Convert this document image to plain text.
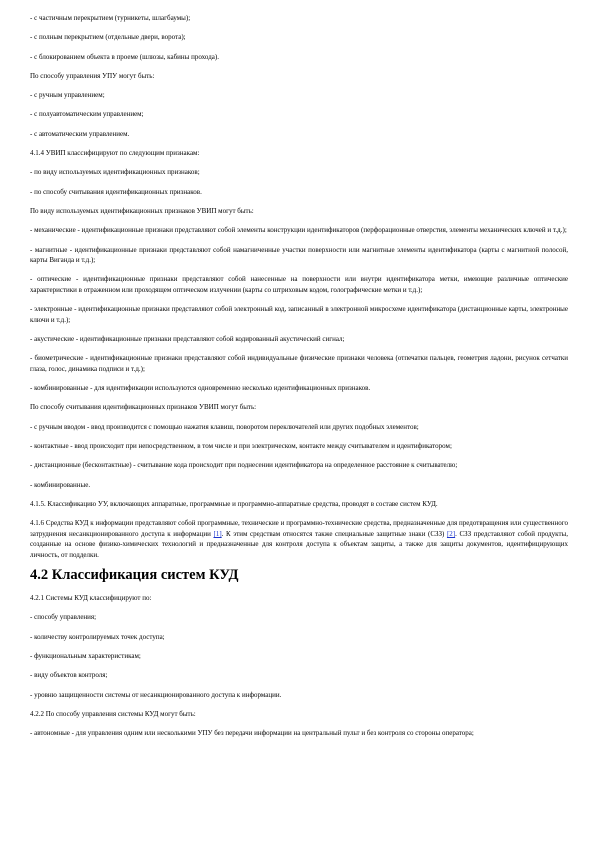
- с частичным перекрытием (турникеты, шлагбаумы);

- с полным перекрытием (отдельные двери, ворота);

- с блокированием объекта в проеме (шлюзы, кабины прохода).

По способу управления УПУ могут быть:

- с ручным управлением;

- с полуавтоматическим управлением;

- с автоматическим управлением.

4.1.4 УВИП классифицируют по следующим признакам:

- по виду используемых идентификационных признаков;

- по способу считывания идентификационных признаков.

По виду используемых идентификационных признаков УВИП могут быть:

- механические - идентификационные признаки представляют собой элементы конструкции идентификаторов (перфорационные отверстия, элементы механических ключей и т.д.);

- магнитные - идентификационные признаки представляют собой намагниченные участки поверхности или магнитные элементы идентификатора (карты с магнитной полосой, карты Виганда и т.д.);

- оптические - идентификационные признаки представляют собой нанесенные на поверхности или внутри идентификатора метки, имеющие различные оптические характеристики в отраженном или проходящем оптическом излучении (карты со штриховым кодом, голографические метки и т.д.);

- электронные - идентификационные признаки представляют собой электронный код, записанный в электронной микросхеме идентификатора (дистанционные карты, электронные ключи и т.д.);

- акустические - идентификационные признаки представляют собой кодированный акустический сигнал;

- биометрические - идентификационные признаки представляют собой индивидуальные физические признаки человека (отпечатки пальцев, геометрия ладони, рисунок сетчатки глаза, голос, динамика подписи и т.д.);

- комбинированные - для идентификации используются одновременно несколько идентификационных признаков.

По способу считывания идентификационных признаков УВИП могут быть:

- с ручным вводом - ввод производится с помощью нажатия клавиш, поворотом переключателей или других подобных элементов;

- контактные - ввод происходит при непосредственном, в том числе и при электрическом, контакте между считывателем и идентификатором;

- дистанционные (бесконтактные) - считывание кода происходит при поднесении идентификатора на определенное расстояние к считывателю;

- комбинированные.

4.1.5. Классификацию УУ, включающих аппаратные, программные и программно-аппаратные средства, проводят в составе систем КУД.

4.1.6 Средства КУД к информации представляют собой программные, технические и программно-технические средства, предназначенные для предотвращения или существенного затруднения несанкционированного доступа к информации [1]. К этим средствам относятся также специальные защитные знаки (СЗЗ) [2]. СЗЗ представляют собой продукты, созданные на основе физико-химических технологий и предназначенные для контроля доступа к объектам защиты, а также для защиты документов, идентифицирующих личность, от подделки.

4.2 Классификация систем КУД

4.2.1 Системы КУД классифицируют по:

- способу управления;

- количеству контролируемых точек доступа;

- функциональным характеристикам;

- виду объектов контроля;

- уровню защищенности системы от несанкционированного доступа к информации.

4.2.2 По способу управления системы КУД могут быть:

- автономные - для управления одним или несколькими УПУ без передачи информации на центральный пульт и без контроля со стороны оператора;
